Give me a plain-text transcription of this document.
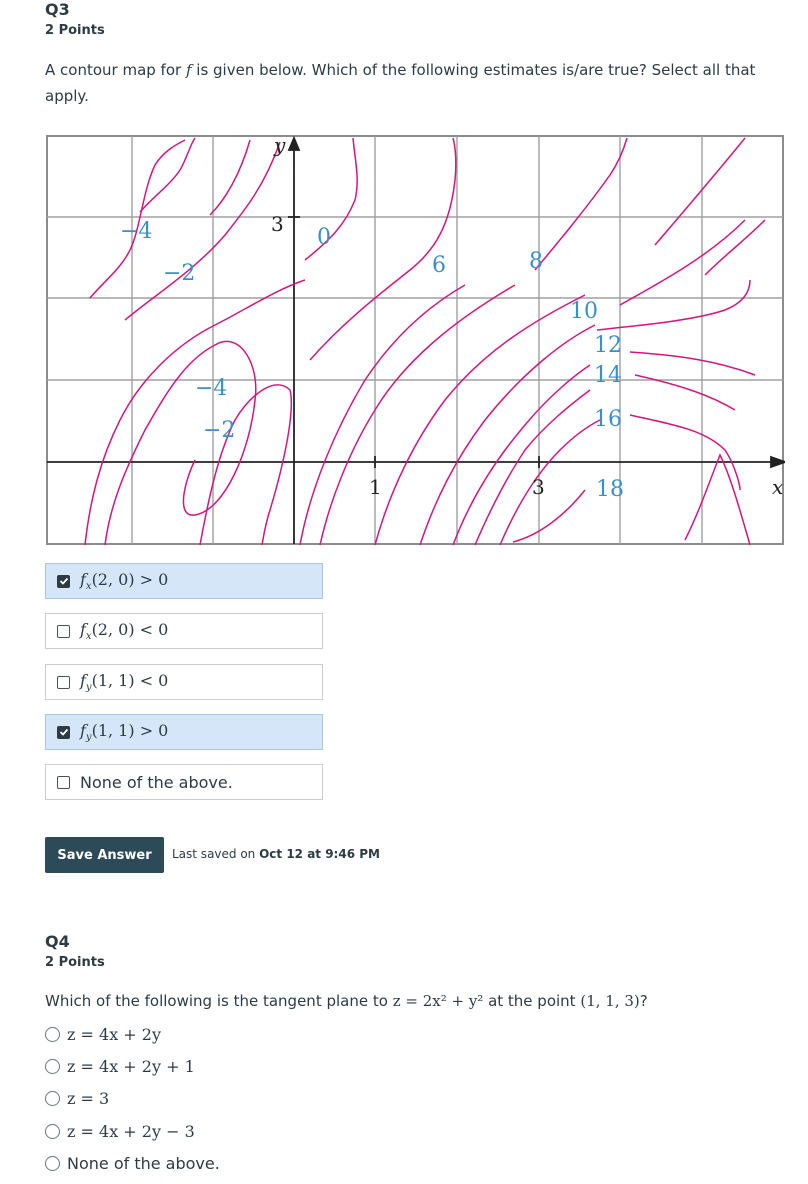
Q3
2 Points
A contour map for f is given below. Which of the following estimates is/are true? Select all that apply.
−4
−2
−4
−2
0
6	8
10
12
14
16
18
3
1	3
y
x
$f_x(2$, 0) > 0
$f_x(2$, 0) < 0
$f_y(1$, 1) < 0
$f_y(1$, 1) > 0
None of the above.
Save Answer	Last saved on Oct 12 at 9:46 PM
Q4
2 Points
Which of the following is the tangent plane to z = 2x² + y² at the point (1, 1, 3)?
z = 4x + 2y
z = 4x + 2y + 1
z = 3
z = 4x + 2y − 3
None of the above.
